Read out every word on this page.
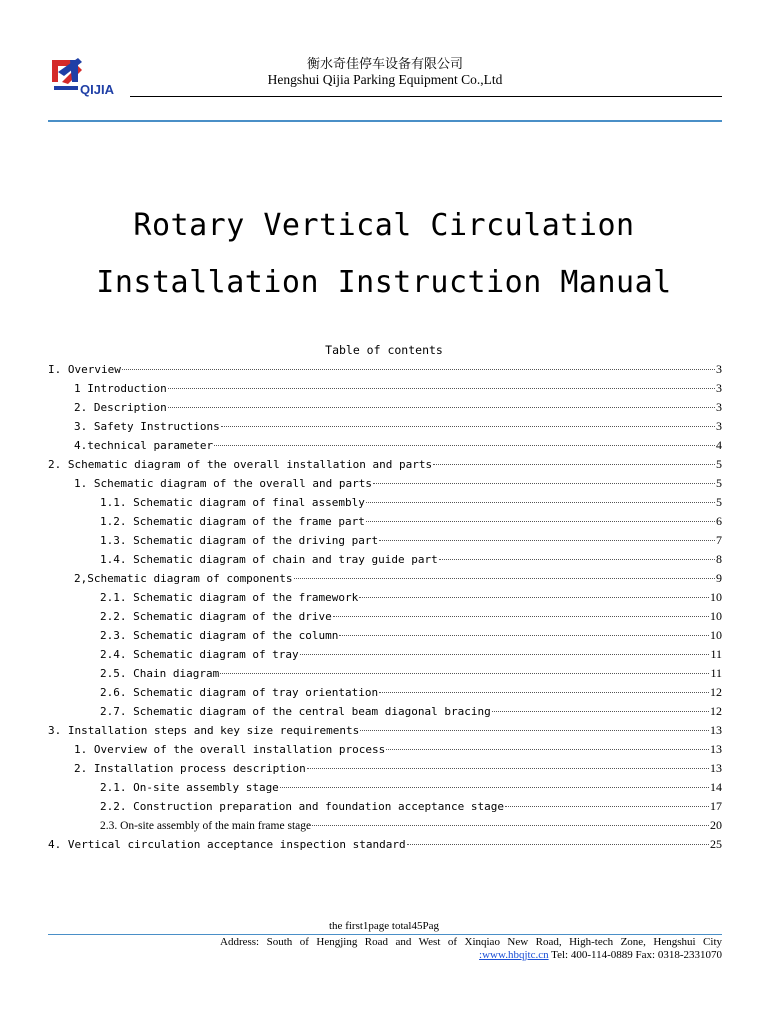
QIJIA
衡水奇佳停车设备有限公司
Hengshui Qijia Parking Equipment Co.,Ltd
Rotary Vertical Circulation
Installation Instruction Manual
Table of contents
I. Overview	3
1 Introduction	3
2. Description	3
3. Safety Instructions	3
4.technical parameter	4
2. Schematic diagram of the overall installation and parts	5
1. Schematic diagram of the overall and parts	5
1.1. Schematic diagram of final assembly	5
1.2. Schematic diagram of the frame part	6
1.3. Schematic diagram of the driving part	7
1.4. Schematic diagram of chain and tray guide part	8
2,Schematic diagram of components	9
2.1. Schematic diagram of the framework	10
2.2. Schematic diagram of the drive	10
2.3. Schematic diagram of the column	10
2.4. Schematic diagram of tray	11
2.5. Chain diagram	11
2.6. Schematic diagram of tray orientation	12
2.7. Schematic diagram of the central beam diagonal bracing	12
3. Installation steps and key size requirements	13
1. Overview of the overall installation process	13
2. Installation process description	13
2.1. On-site assembly stage	14
2.2. Construction preparation and foundation acceptance stage	17
2.3. On-site assembly of the main frame stage	20
4. Vertical circulation acceptance inspection standard	25
the first1page total45Pag
Address: South of Hengjing Road and West of Xinqiao New Road, High-tech Zone, Hengshui City
:www.hbqjtc.cn Tel: 400-114-0889 Fax: 0318-2331070
